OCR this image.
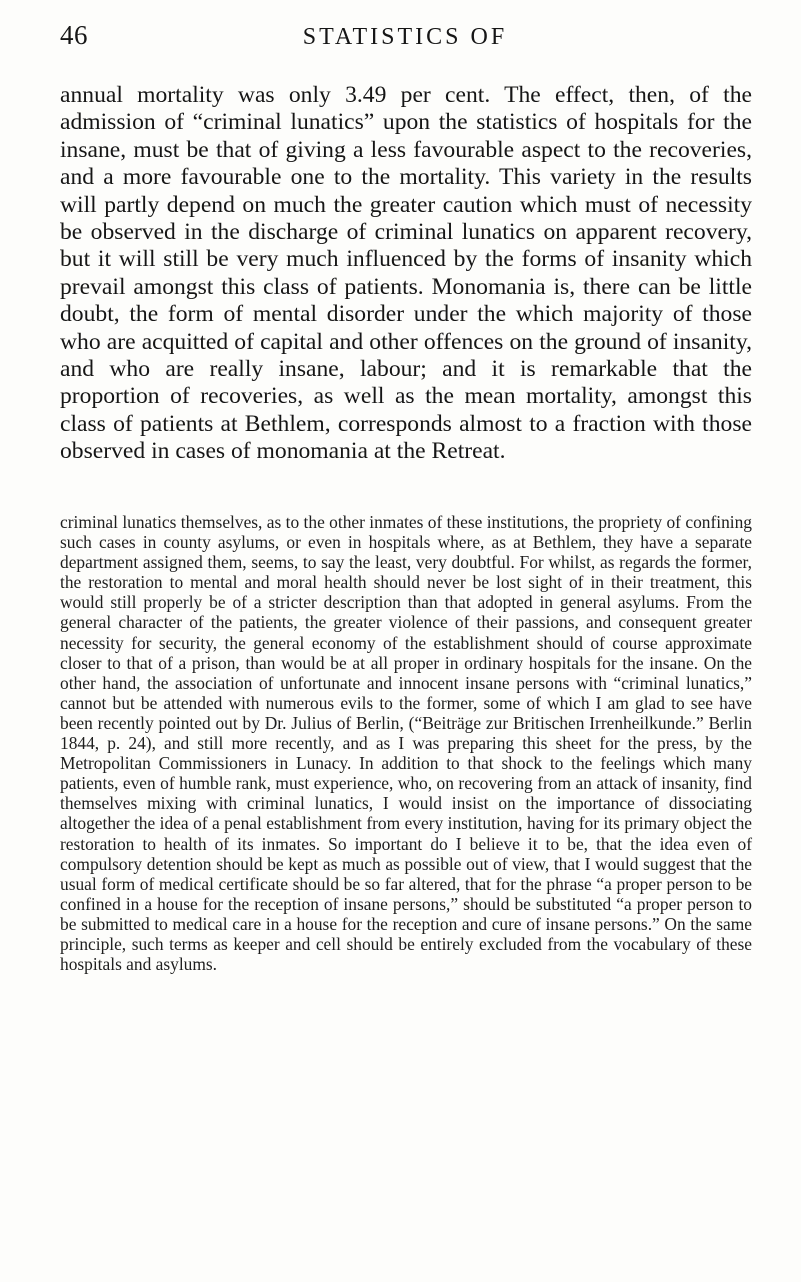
46	STATISTICS OF

annual mortality was only 3.49 per cent. The effect, then, of the admission of “criminal lunatics” upon the statistics of hospitals for the insane, must be that of giving a less favourable aspect to the recoveries, and a more favourable one to the mortality. This variety in the results will partly depend on much the greater caution which must of necessity be observed in the discharge of criminal lunatics on apparent recovery, but it will still be very much influenced by the forms of insanity which prevail amongst this class of patients. Monomania is, there can be little doubt, the form of mental disorder under the which majority of those who are acquitted of capital and other offences on the ground of insanity, and who are really insane, labour; and it is remarkable that the proportion of recoveries, as well as the mean mortality, amongst this class of patients at Bethlem, corresponds almost to a fraction with those observed in cases of monomania at the Retreat.

criminal lunatics themselves, as to the other inmates of these institutions, the propriety of confining such cases in county asylums, or even in hospitals where, as at Bethlem, they have a separate department assigned them, seems, to say the least, very doubtful. For whilst, as regards the former, the restoration to mental and moral health should never be lost sight of in their treatment, this would still properly be of a stricter description than that adopted in general asylums. From the general character of the patients, the greater violence of their passions, and consequent greater necessity for security, the general economy of the establishment should of course approximate closer to that of a prison, than would be at all proper in ordinary hospitals for the insane. On the other hand, the association of unfortunate and innocent insane persons with “criminal lunatics,” cannot but be attended with numerous evils to the former, some of which I am glad to see have been recently pointed out by Dr. Julius of Berlin, (“Beiträge zur Britischen Irrenheilkunde.” Berlin 1844, p. 24), and still more recently, and as I was preparing this sheet for the press, by the Metropolitan Commissioners in Lunacy. In addition to that shock to the feelings which many patients, even of humble rank, must experience, who, on recovering from an attack of insanity, find themselves mixing with criminal lunatics, I would insist on the importance of dissociating altogether the idea of a penal establishment from every institution, having for its primary object the restoration to health of its inmates. So important do I believe it to be, that the idea even of compulsory detention should be kept as much as possible out of view, that I would suggest that the usual form of medical certificate should be so far altered, that for the phrase “a proper person to be confined in a house for the reception of insane persons,” should be substituted “a proper person to be submitted to medical care in a house for the reception and cure of insane persons.” On the same principle, such terms as keeper and cell should be entirely excluded from the vocabulary of these hospitals and asylums.
